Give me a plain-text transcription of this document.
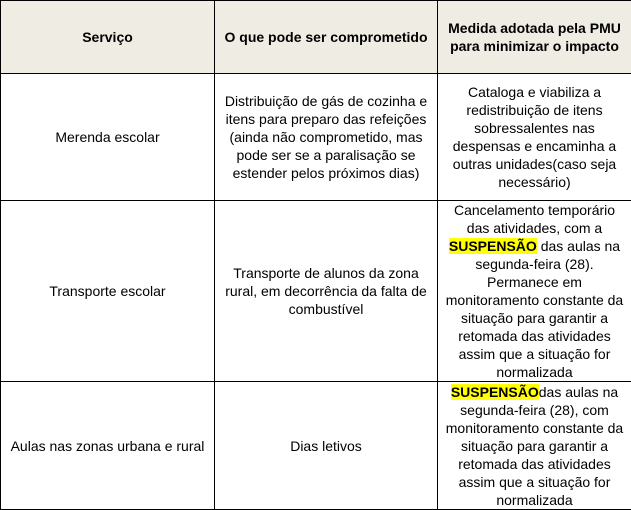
Serviço	O que pode ser comprometido	Medida adotada pela PMU para minimizar o impacto
Merenda escolar	Distribuição de gás de cozinha e itens para preparo das refeições (ainda não comprometido, mas pode ser se a paralisação se estender pelos próximos dias)	Cataloga e viabiliza a redistribuição de itens sobressalentes nas despensas e encaminha a outras unidades(caso seja necessário)
Transporte escolar	Transporte de alunos da zona rural, em decorrência da falta de combustível	Cancelamento temporário das atividades, com a SUSPENSÃO das aulas na segunda-feira (28). Permanece em monitoramento constante da situação para garantir a retomada das atividades assim que a situação for normalizada
Aulas nas zonas urbana e rural	Dias letivos	SUSPENSÃOdas aulas na segunda-feira (28), com monitoramento constante da situação para garantir a retomada das atividades assim que a situação for normalizada
